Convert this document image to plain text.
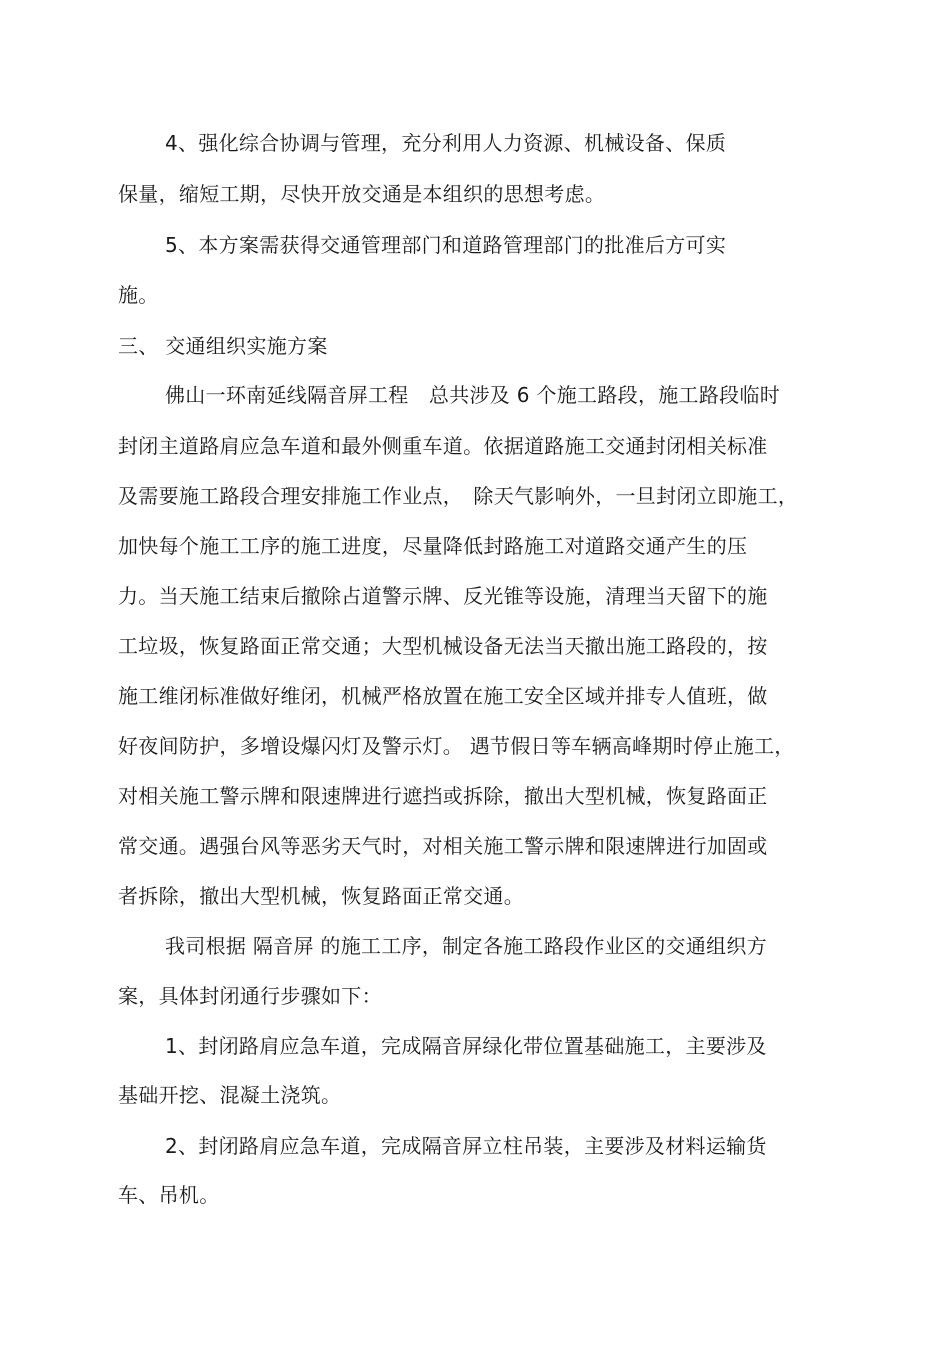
4、强化综合协调与管理，充分利用人力资源、机械设备、保质

保量，缩短工期，尽快开放交通是本组织的思想考虑。

5、本方案需获得交通管理部门和道路管理部门的批准后方可实

施。

三、 交通组织实施方案

佛山一环南延线隔音屏工程　总共涉及 6 个施工路段，施工路段临时

封闭主道路肩应急车道和最外侧重车道。依据道路施工交通封闭相关标准

及需要施工路段合理安排施工作业点，　除天气影响外，一旦封闭立即施工，

加快每个施工工序的施工进度，尽量降低封路施工对道路交通产生的压

力。当天施工结束后撤除占道警示牌、反光锥等设施，清理当天留下的施

工垃圾，恢复路面正常交通；大型机械设备无法当天撤出施工路段的，按

施工维闭标准做好维闭，机械严格放置在施工安全区域并排专人值班，做

好夜间防护，多增设爆闪灯及警示灯。 遇节假日等车辆高峰期时停止施工，

对相关施工警示牌和限速牌进行遮挡或拆除，撤出大型机械，恢复路面正

常交通。遇强台风等恶劣天气时，对相关施工警示牌和限速牌进行加固或

者拆除，撤出大型机械，恢复路面正常交通。

我司根据 隔音屏 的施工工序，制定各施工路段作业区的交通组织方

案，具体封闭通行步骤如下：

1、封闭路肩应急车道，完成隔音屏绿化带位置基础施工，主要涉及

基础开挖、混凝土浇筑。

2、封闭路肩应急车道，完成隔音屏立柱吊装，主要涉及材料运输货

车、吊机。
